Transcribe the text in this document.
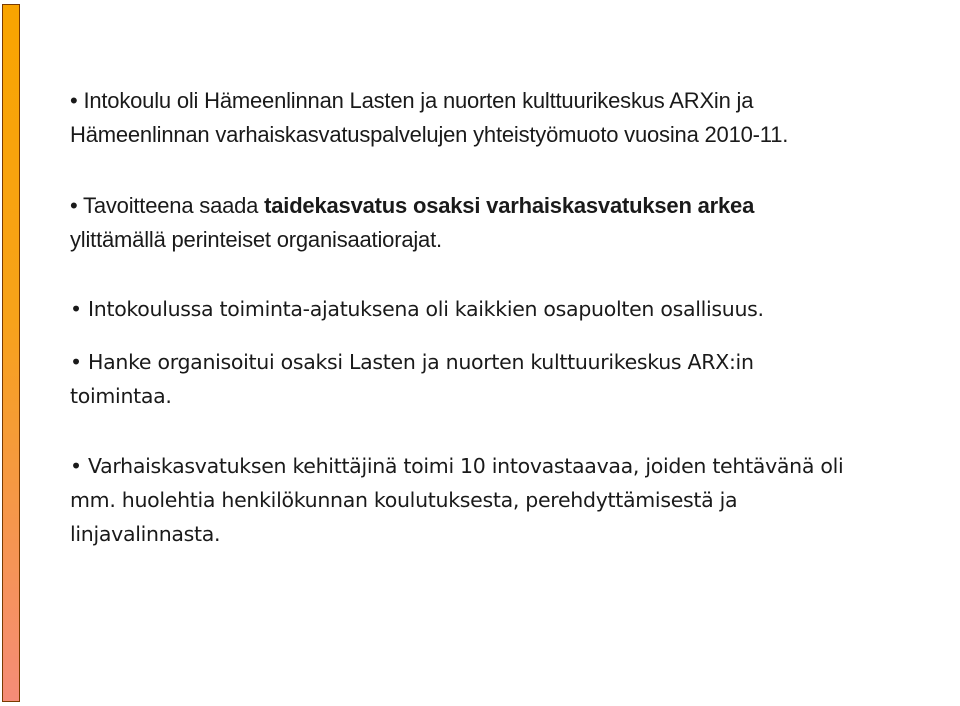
• Intokoulu oli Hämeenlinnan Lasten ja nuorten kulttuurikeskus ARXin ja
Hämeenlinnan varhaiskasvatuspalvelujen yhteistyömuoto vuosina 2010-11.

• Tavoitteena saada taidekasvatus osaksi varhaiskasvatuksen arkea
ylittämällä perinteiset organisaatiorajat.

• Intokoulussa toiminta-ajatuksena oli kaikkien osapuolten osallisuus.

• Hanke organisoitui osaksi Lasten ja nuorten kulttuurikeskus ARX:in
toimintaa.

• Varhaiskasvatuksen kehittäjinä toimi 10 intovastaavaa, joiden tehtävänä oli
mm. huolehtia henkilökunnan koulutuksesta, perehdyttämisestä ja
linjavalinnasta.
